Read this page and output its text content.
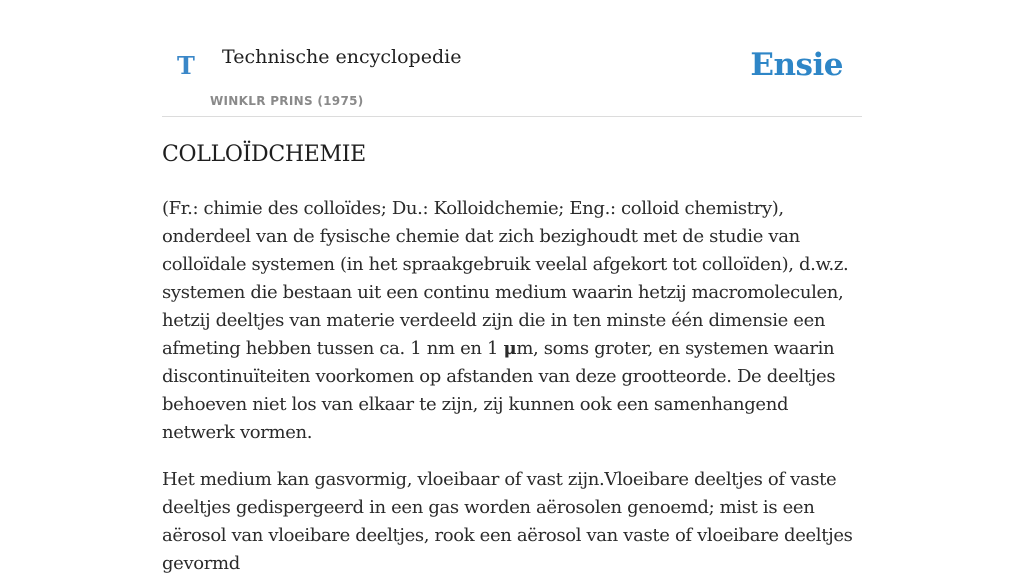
T Technische encyclopedie
WINKLR PRINS (1975)
Ensie
COLLOÏDCHEMIE

(Fr.: chimie des colloïdes; Du.: Kolloidchemie; Eng.: colloid chemistry), onderdeel van de fysische chemie dat zich bezighoudt met de studie van colloïdale systemen (in het spraakgebruik veelal afgekort tot colloïden), d.w.z. systemen die bestaan uit een continu medium waarin hetzij macromoleculen, hetzij deeltjes van materie verdeeld zijn die in ten minste één dimensie een afmeting hebben tussen ca. 1 nm en 1 μm, soms groter, en systemen waarin discontinuïteiten voorkomen op afstanden van deze grootteorde. De deeltjes behoeven niet los van elkaar te zijn, zij kunnen ook een samenhangend netwerk vormen.

Het medium kan gasvormig, vloeibaar of vast zijn.Vloeibare deeltjes of vaste deeltjes gedispergeerd in een gas worden aërosolen genoemd; mist is een aërosol van vloeibare deeltjes, rook een aërosol van vaste of vloeibare deeltjes gevormd
